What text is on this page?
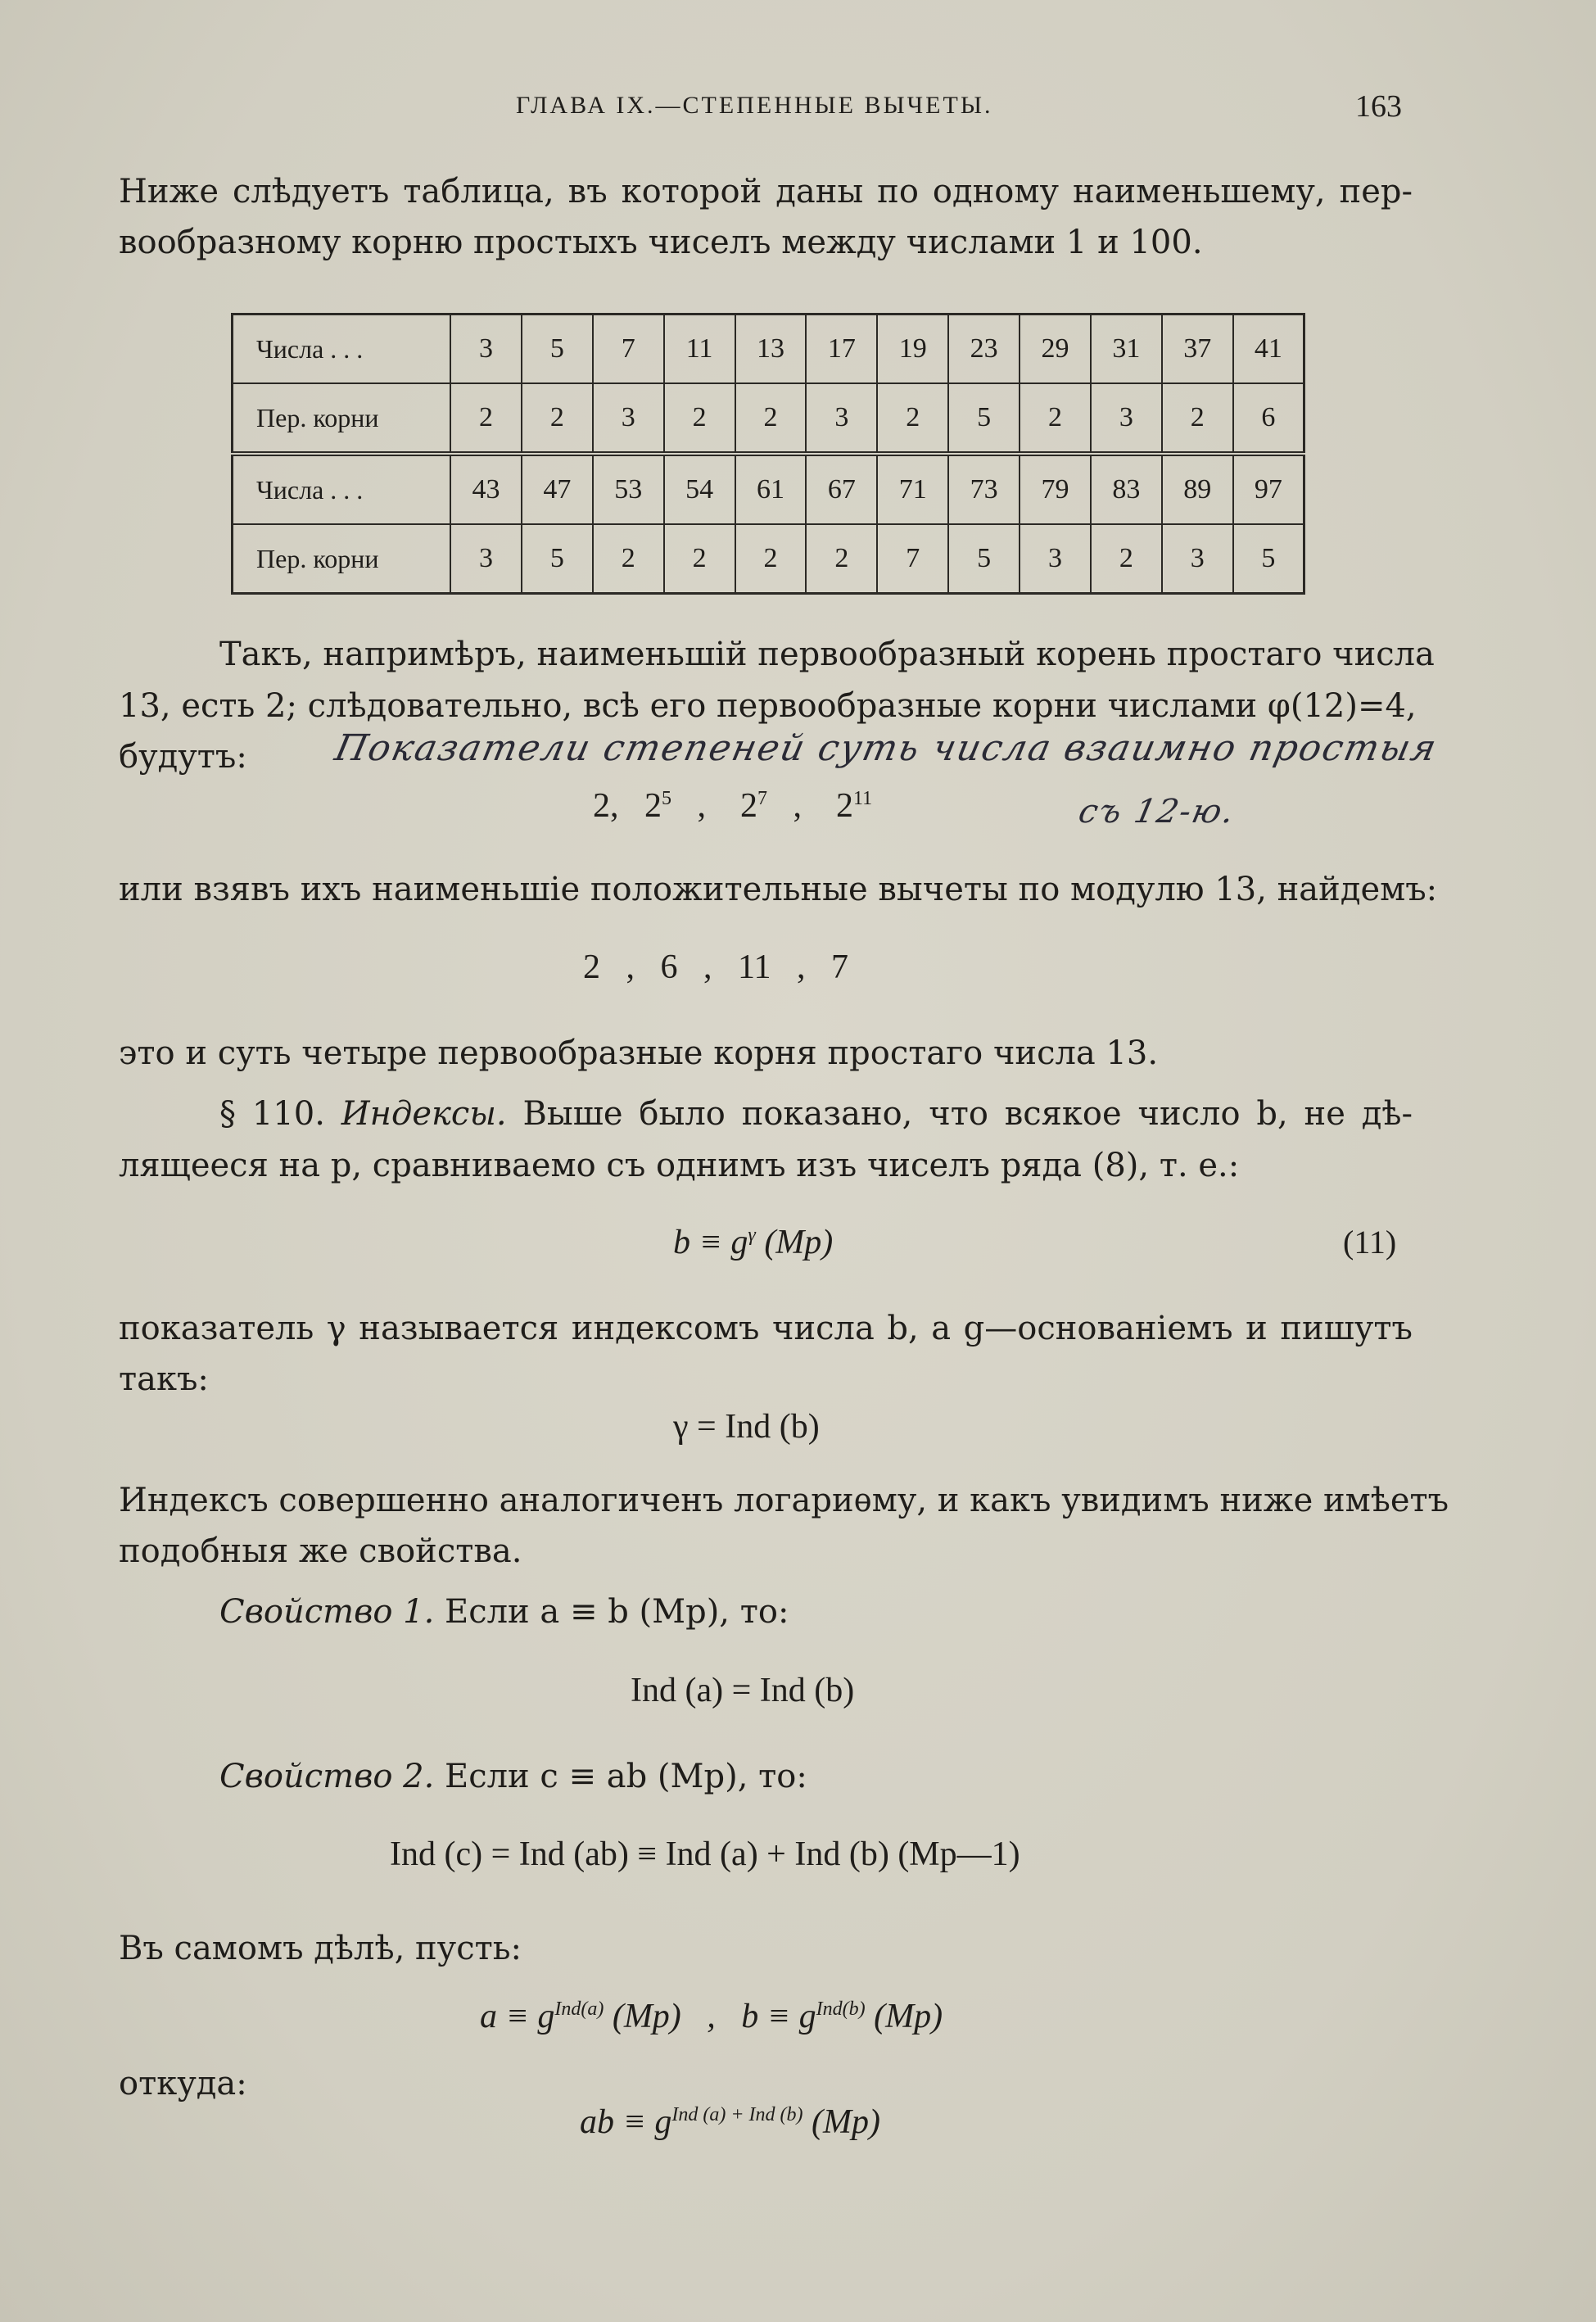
ГЛАВА IX.—СТЕПЕННЫЕ ВЫЧЕТЫ.	163
Ниже слѣдуетъ таблица, въ которой даны по одному наименьшему, пер-
вообразному корню простыхъ чиселъ между числами 1 и 100.
Числа . . .	3	5	7	11	13	17	19	23	29	31	37	41
Пер. корни	2	2	3	2	2	3	2	5	2	3	2	6
Числа . . .	43	47	53	54	61	67	71	73	79	83	89	97
Пер. корни	3	5	2	2	2	2	7	5	3	2	3	5
Такъ, напримѣръ, наименьшій первообразный корень простаго числа
13, есть 2; слѣдовательно, всѣ его первообразные корни числами φ(12)=4,
будутъ:	Показатели степеней суть числа взаимно простыя
съ 12-ю.
2, $2^5$   ,    $2^7$   ,    $2^{11}$
или взявъ ихъ наименьшіе положительные вычеты по модулю 13, найдемъ:
2   ,   6   ,   11   ,   7
это и суть четыре первообразные корня простаго числа 13.
§ 110. Индексы. Выше было показано, что всякое число b, не дѣ-
лящееся на p, сравниваемо съ однимъ изъ чиселъ ряда (8), т. е.:
$b \equiv g^\gamma$ (Mp)	(11)
показатель γ называется индексомъ числа b, а g—основаніемъ и пишутъ
такъ:
γ = Ind (b)
Индексъ совершенно аналогиченъ логариѳму, и какъ увидимъ ниже имѣетъ
подобныя же свойства.
Свойство 1. Если a ≡ b (Mp), то:
Ind (a) = Ind (b)
Свойство 2. Если c ≡ ab (Mp), то:
Ind (c) = Ind (ab) ≡ Ind (a) + Ind (b) (Mp—1)
Въ самомъ дѣлѣ, пусть:
$a \equiv g^{Ind(a)}$ (Mp)   ,   $b \equiv g^{Ind(b)}$ (Mp)
откуда:
ab ≡ $g^{Ind (a) + Ind (b)}$ (Mp)
